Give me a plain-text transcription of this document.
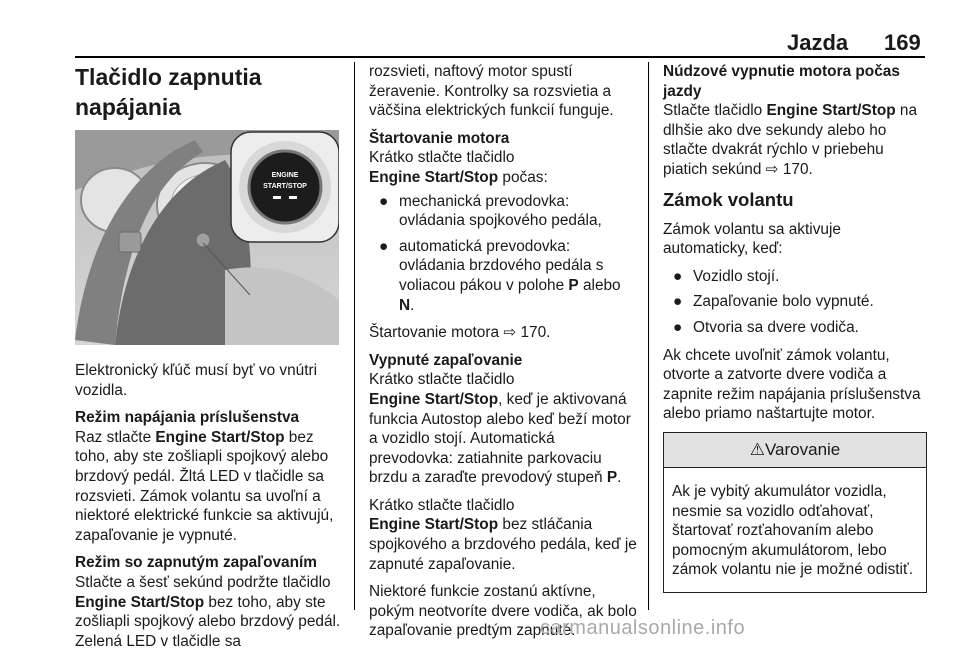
Jazda 169
Tlačidlo zapnutia napájania
ENGINE
START/STOP

Elektronický kľúč musí byť vo vnútri vozidla.

Režim napájania príslušenstva
Raz stlačte Engine Start/Stop bez toho, aby ste zošliapli spojkový alebo brzdový pedál. Žltá LED v tlačidle sa rozsvieti. Zámok volantu sa uvoľní a niektoré elektrické funkcie sa aktivujú, zapaľovanie je vypnuté.

Režim so zapnutým zapaľovaním
Stlačte a šesť sekúnd podržte tlačidlo Engine Start/Stop bez toho, aby ste zošliapli spojkový alebo brzdový pedál. Zelená LED v tlačidle sa

rozsvieti, naftový motor spustí žeravenie. Kontrolky sa rozsvietia a väčšina elektrických funkcií funguje.

Štartovanie motora
Krátko stlačte tlačidlo
Engine Start/Stop počas:

● mechanická prevodovka: ovládania spojkového pedála,
● automatická prevodovka: ovládania brzdového pedála s voliacou pákou v polohe P alebo N.

Štartovanie motora ⇨ 170.

Vypnuté zapaľovanie
Krátko stlačte tlačidlo
Engine Start/Stop, keď je aktivovaná funkcia Autostop alebo keď beží motor a vozidlo stojí. Automatická prevodovka: zatiahnite parkovaciu brzdu a zaraďte prevodový stupeň P.

Krátko stlačte tlačidlo
Engine Start/Stop bez stláčania spojkového a brzdového pedála, keď je zapnuté zapaľovanie.

Niektoré funkcie zostanú aktívne, pokým neotvoríte dvere vodiča, ak bolo zapaľovanie predtým zapnuté.

Núdzové vypnutie motora počas jazdy
Stlačte tlačidlo Engine Start/Stop na dlhšie ako dve sekundy alebo ho stlačte dvakrát rýchlo v priebehu piatich sekúnd ⇨ 170.

Zámok volantu

Zámok volantu sa aktivuje automaticky, keď:

● Vozidlo stojí.
● Zapaľovanie bolo vypnuté.
● Otvoria sa dvere vodiča.

Ak chcete uvoľniť zámok volantu, otvorte a zatvorte dvere vodiča a zapnite režim napájania príslušenstva alebo priamo naštartujte motor.

⚠Varovanie
Ak je vybitý akumulátor vozidla, nesmie sa vozidlo odťahovať, štartovať rozťahovaním alebo pomocným akumulátorom, lebo zámok volantu nie je možné odistiť.
carmanualsonline.info
